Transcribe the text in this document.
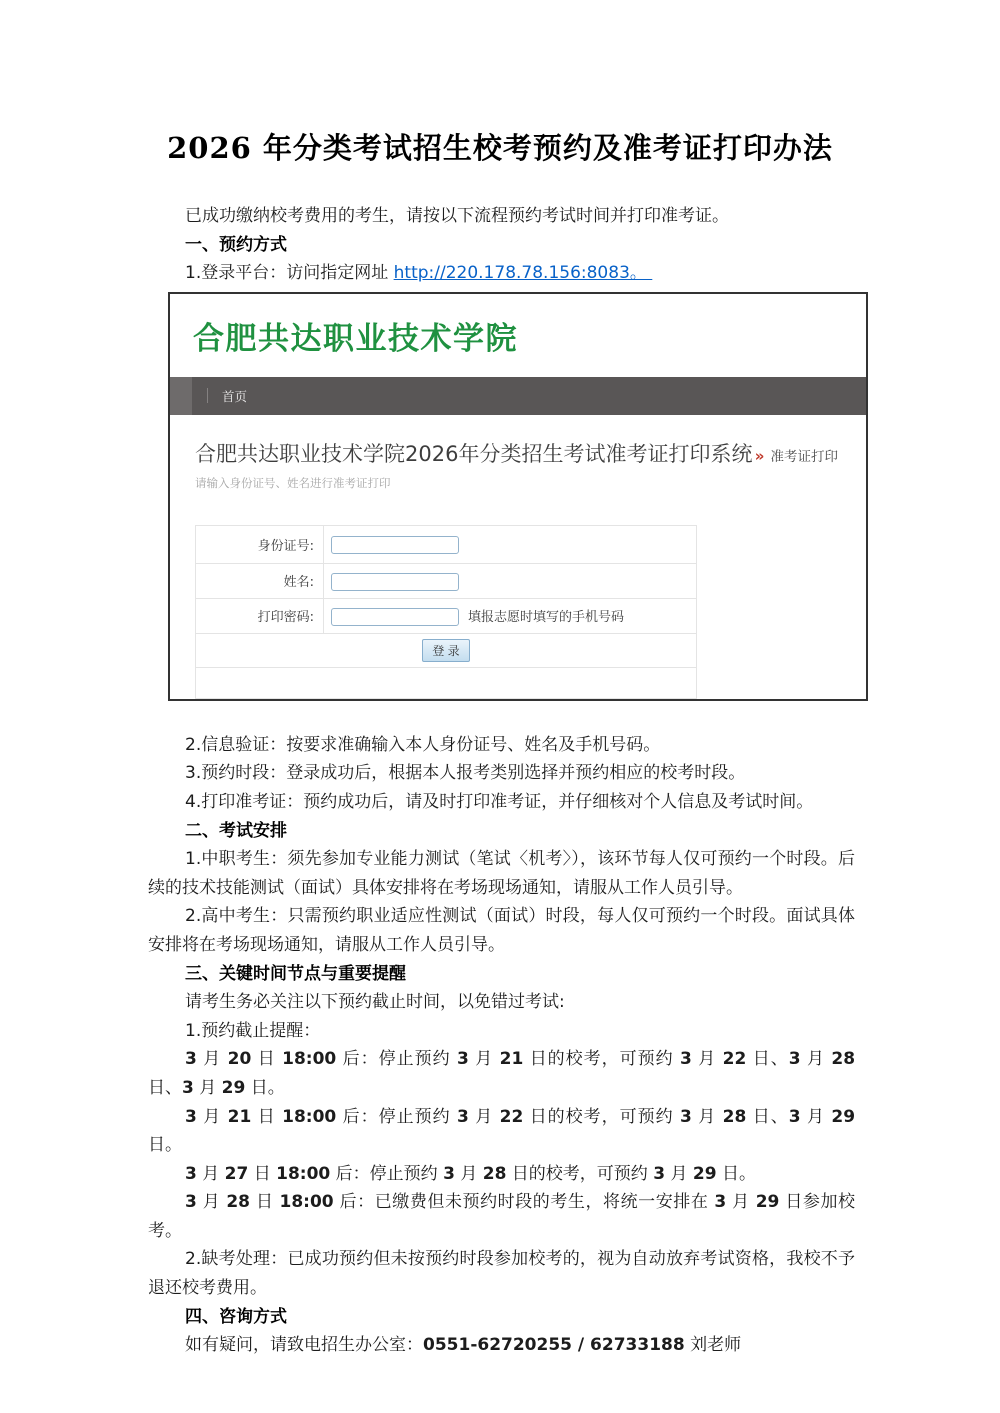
2026 年分类考试招生校考预约及准考证打印办法

已成功缴纳校考费用的考生，请按以下流程预约考试时间并打印准考证。

一、预约方式

1.登录平台：访问指定网址 http://220.178.78.156:8083。

合肥共达职业技术学院
首页
合肥共达职业技术学院2026年分类招生考试准考证打印系统 » 准考证打印
请输入身份证号、姓名进行准考证打印
身份证号:	
姓名:	
打印密码:	填报志愿时填写的手机号码
登 录	

2.信息验证：按要求准确输入本人身份证号、姓名及手机号码。

3.预约时段：登录成功后，根据本人报考类别选择并预约相应的校考时段。

4.打印准考证：预约成功后，请及时打印准考证，并仔细核对个人信息及考试时间。

二、考试安排

1.中职考生：须先参加专业能力测试（笔试〈机考〉），该环节每人仅可预约一个时段。后续的技术技能测试（面试）具体安排将在考场现场通知，请服从工作人员引导。

2.高中考生：只需预约职业适应性测试（面试）时段，每人仅可预约一个时段。面试具体安排将在考场现场通知，请服从工作人员引导。

三、关键时间节点与重要提醒

请考生务必关注以下预约截止时间，以免错过考试:

1.预约截止提醒：

3 月 20 日 18:00 后：停止预约 3 月 21 日的校考，可预约 3 月 22 日、3 月 28 日、3 月 29 日。

3 月 21 日 18:00 后：停止预约 3 月 22 日的校考，可预约 3 月 28 日、3 月 29 日。

3 月 27 日 18:00 后：停止预约 3 月 28 日的校考，可预约 3 月 29 日。

3 月 28 日 18:00 后：已缴费但未预约时段的考生，将统一安排在 3 月 29 日参加校考。

2.缺考处理：已成功预约但未按预约时段参加校考的，视为自动放弃考试资格，我校不予退还校考费用。

四、咨询方式

如有疑问，请致电招生办公室：0551-62720255 / 62733188 刘老师
